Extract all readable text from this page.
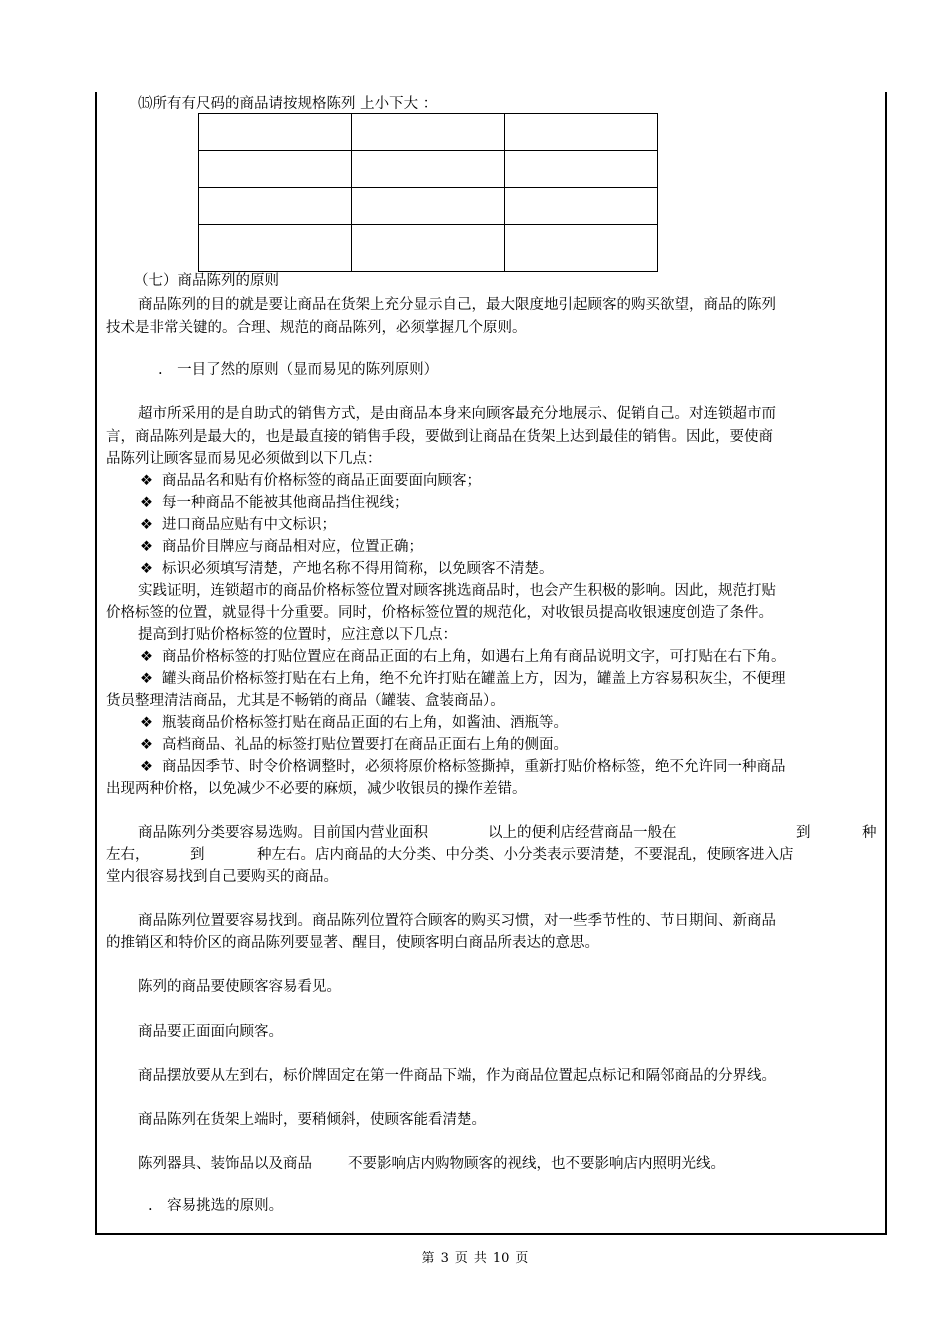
⒂所有有尺码的商品请按规格陈列 上小下大 ：

（七）商品陈列的原则
商品陈列的目的就是要让商品在货架上充分显示自己，最大限度地引起顾客的购买欲望，商品的陈列
技术是非常关键的。合理、规范的商品陈列，必须掌握几个原则。
.　一目了然的原则（显而易见的陈列原则）
超市所采用的是自助式的销售方式，是由商品本身来向顾客最充分地展示、促销自己。对连锁超市而
言，商品陈列是最大的，也是最直接的销售手段，要做到让商品在货架上达到最佳的销售。因此，要使商
品陈列让顾客显而易见必须做到以下几点：
❖ 商品品名和贴有价格标签的商品正面要面向顾客；
❖ 每一种商品不能被其他商品挡住视线；
❖ 进口商品应贴有中文标识；
❖ 商品价目牌应与商品相对应，位置正确；
❖ 标识必须填写清楚，产地名称不得用简称，以免顾客不清楚。
实践证明，连锁超市的商品价格标签位置对顾客挑选商品时，也会产生积极的影响。因此，规范打贴
价格标签的位置，就显得十分重要。同时，价格标签位置的规范化，对收银员提高收银速度创造了条件。
提高到打贴价格标签的位置时，应注意以下几点：
❖ 商品价格标签的打贴位置应在商品正面的右上角，如遇右上角有商品说明文字，可打贴在右下角。
❖ 罐头商品价格标签打贴在右上角，绝不允许打贴在罐盖上方，因为，罐盖上方容易积灰尘，不便理
货员整理清洁商品，尤其是不畅销的商品（罐装、盒装商品）。
❖ 瓶装商品价格标签打贴在商品正面的右上角，如酱油、酒瓶等。
❖ 高档商品、礼品的标签打贴位置要打在商品正面右上角的侧面。
❖ 商品因季节、时令价格调整时，必须将原价格标签撕掉，重新打贴价格标签，绝不允许同一种商品
出现两种价格，以免减少不必要的麻烦，减少收银员的操作差错。
商品陈列分类要容易选购。目前国内营业面积	以上的便利店经营商品一般在	到	种
左右，	到	种左右。店内商品的大分类、中分类、小分类表示要清楚，不要混乱，使顾客进入店
堂内很容易找到自己要购买的商品。
商品陈列位置要容易找到。商品陈列位置符合顾客的购买习惯，对一些季节性的、节日期间、新商品
的推销区和特价区的商品陈列要显著、醒目，使顾客明白商品所表达的意思。
陈列的商品要使顾客容易看见。
商品要正面面向顾客。
商品摆放要从左到右，标价牌固定在第一件商品下端，作为商品位置起点标记和隔邻商品的分界线。
商品陈列在货架上端时，要稍倾斜，使顾客能看清楚。
陈列器具、装饰品以及商品 不要影响店内购物顾客的视线，也不要影响店内照明光线。
.　容易挑选的原则。
第 3 页 共 10 页
